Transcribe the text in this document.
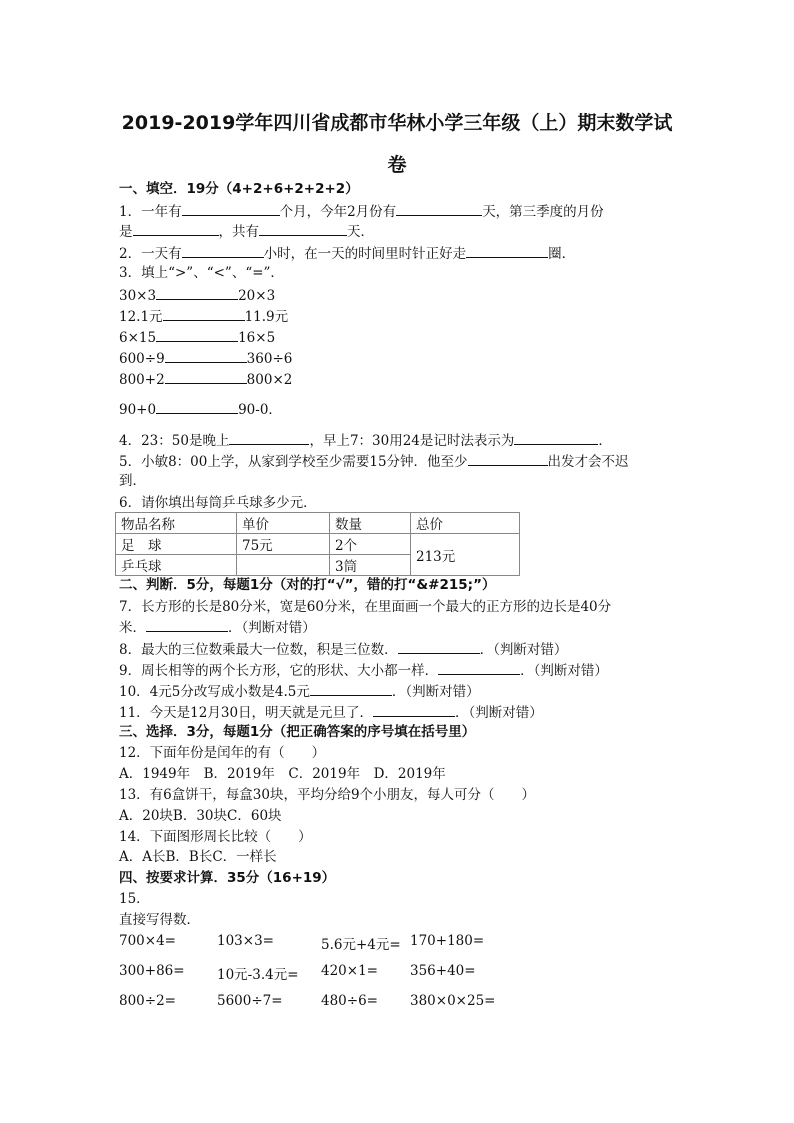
2019-2019学年四川省成都市华林小学三年级（上）期末数学试
卷
一、填空．19分（4+2+6+2+2+2）
1．一年有	个月，今年2月份有	天，第三季度的月份
是	，共有	天．
2．一天有	小时，在一天的时间里时针正好走	圈．
3．填上“>”、“<”、“=”．
30×3	20×3
12.1元	11.9元
6×15	16×5
600÷9	360÷6
800+2	800×2
90+0	90-0．
4．23：50是晚上	，早上7：30用24是记时法表示为	．
5．小敏8：00上学，从家到学校至少需要15分钟．他至少	出发才会不迟
到．
6．请你填出每筒乒乓球多少元．
物品名称	单价	数量	总价
足　球	75元	2个	213元
乒乓球		3筒	
二、判断．5分，每题1分（对的打“√”，错的打“&#215;”）
7．长方形的长是80分米，宽是60分米，在里面画一个最大的正方形的边长是40分
米．	．（判断对错）
8．最大的三位数乘最大一位数，积是三位数．	．（判断对错）
9．周长相等的两个长方形，它的形状、大小都一样．	．（判断对错）
10．4元5分改写成小数是4.5元	．（判断对错）
11．今天是12月30日，明天就是元旦了．	．（判断对错）
三、选择．3分，每题1分（把正确答案的序号填在括号里）
12．下面年份是闰年的有（　　）
A．1949年　B．2019年　C．2019年　D．2019年
13．有6盒饼干，每盒30块，平均分给9个小朋友，每人可分（　　）
A．20块B．30块C．60块
14．下面图形周长比较（　　）
A．A长B．B长C．一样长
四、按要求计算．35分（16+19）
15．
直接写得数．
700×4=	103×3=	5.6元+4元= 170+180=
300+86= 10元-3.4元= 420×1= 356+40=
800÷2=	5600÷7=	480÷6= 380×0×25=
